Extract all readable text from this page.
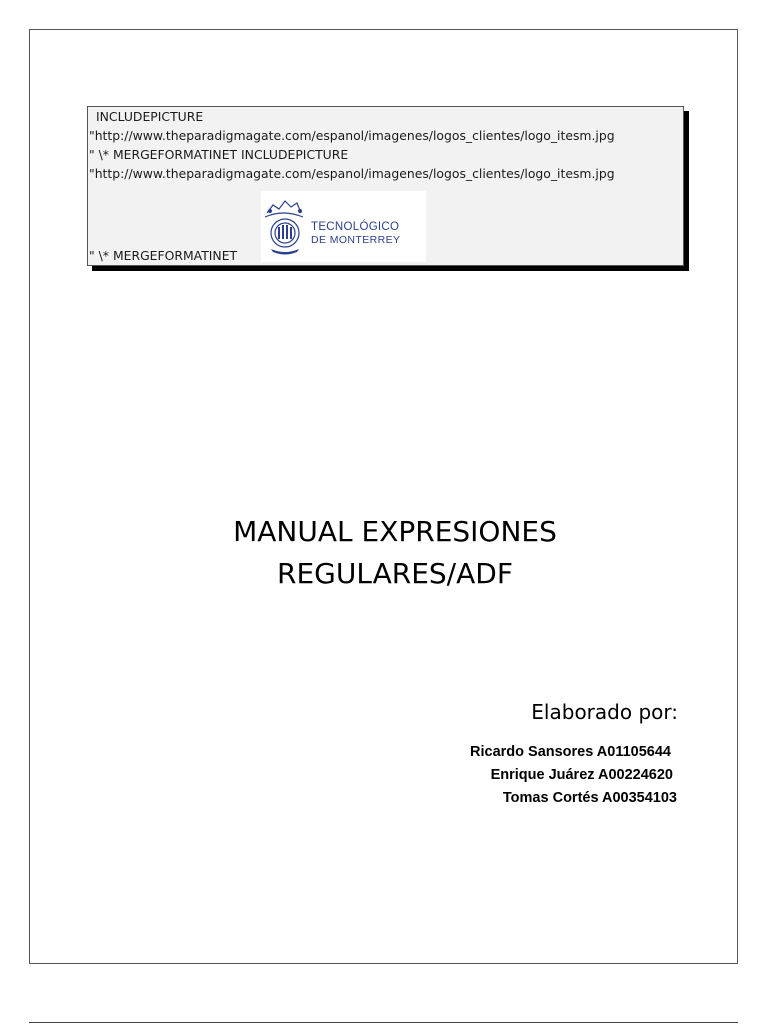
INCLUDEPICTURE
"http://www.theparadigmagate.com/espanol/imagenes/logos_clientes/logo_itesm.jpg
" \* MERGEFORMATINET INCLUDEPICTURE
"http://www.theparadigmagate.com/espanol/imagenes/logos_clientes/logo_itesm.jpg
" \* MERGEFORMATINET
TECNOLÓGICO
DE MONTERREY
MANUAL EXPRESIONES
REGULARES/ADF
Elaborado por:
Ricardo Sansores A01105644
Enrique Juárez A00224620
Tomas Cortés A00354103
